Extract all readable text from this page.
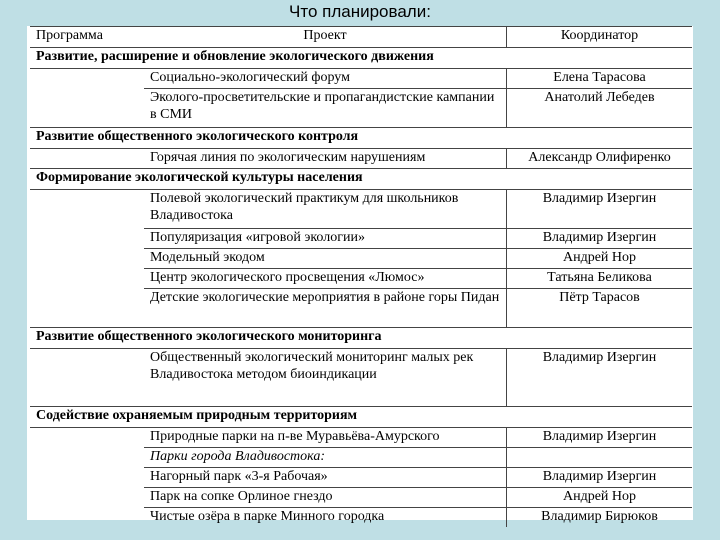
Что планировали:
Программа	Проект	Координатор
Развитие, расширение и обновление экологического движения		
	Социально-экологический форум	Елена Тарасова
	Эколого-просветительские и пропагандистские кампании в СМИ	Анатолий Лебедев
Развитие общественного экологического контроля		
	Горячая линия по экологическим нарушениям	Александр Олифиренко
Формирование экологической культуры населения		
	Полевой экологический практикум для школьников Владивостока	Владимир Изергин
	Популяризация «игровой экологии»	Владимир Изергин
	Модельный экодом	Андрей Нор
	Центр экологического просвещения «Люмос»	Татьяна Беликова
	Детские экологические мероприятия в районе горы Пидан	Пётр Тарасов
Развитие общественного экологического мониторинга		
	Общественный экологический мониторинг малых рек Владивостока методом биоиндикации	Владимир Изергин
Содействие охраняемым природным территориям		
	Природные парки на п-ве Муравьёва-Амурского	Владимир Изергин
	Парки города Владивостока:	
	Нагорный парк «3-я Рабочая»	Владимир Изергин
	Парк на сопке Орлиное гнездо	Андрей Нор
	Чистые озёра в парке Минного городка	Владимир Бирюков
